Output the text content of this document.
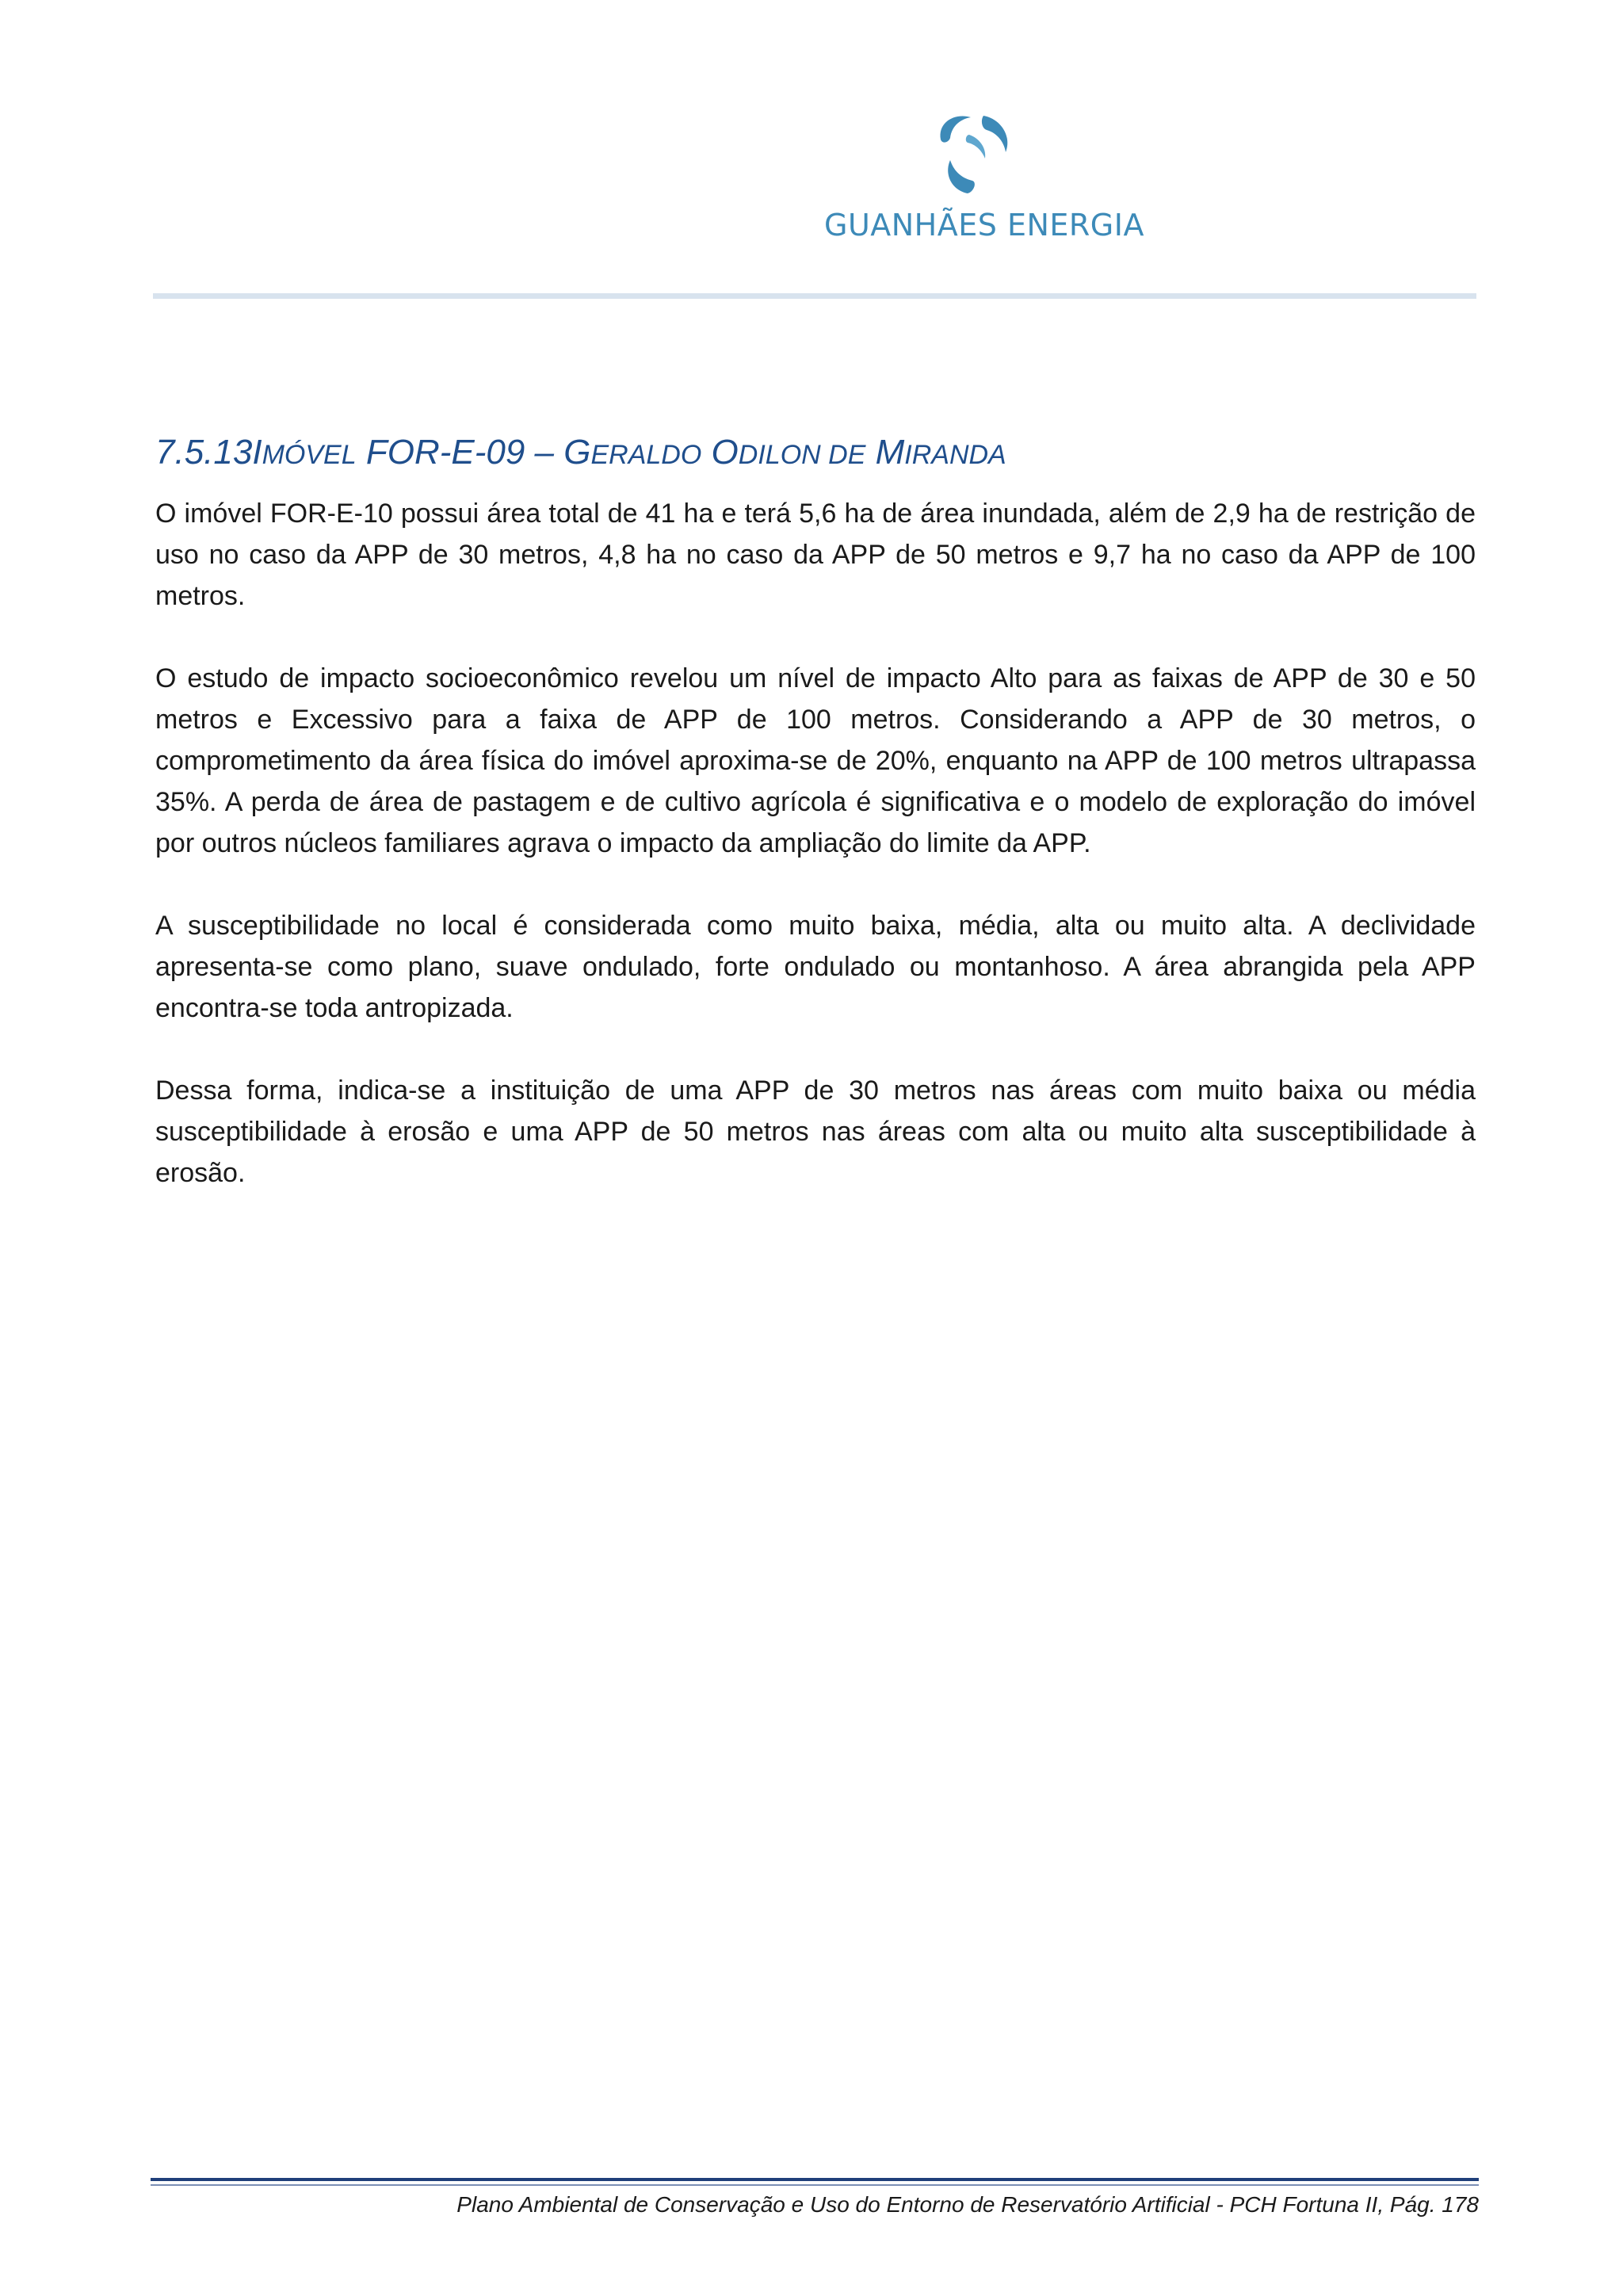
GUANHÃES ENERGIA
7.5.13IMÓVEL FOR-E-09 – GERALDO ODILON DE MIRANDA

O imóvel FOR-E-10 possui área total de 41 ha e terá 5,6 ha de área inundada, além de 2,9 ha de restrição de uso no caso da APP de 30 metros, 4,8 ha no caso da APP de 50 metros e 9,7 ha no caso da APP de 100 metros.

O estudo de impacto socioeconômico revelou um nível de impacto Alto para as faixas de APP de 30 e 50 metros e Excessivo para a faixa de APP de 100 metros. Considerando a APP de 30 metros, o comprometimento da área física do imóvel aproxima-se de 20%, enquanto na APP de 100 metros ultrapassa 35%. A perda de área de pastagem e de cultivo agrícola é significativa e o modelo de exploração do imóvel por outros núcleos familiares agrava o impacto da ampliação do limite da APP.

A susceptibilidade no local é considerada como muito baixa, média, alta ou muito alta. A declividade apresenta-se como plano, suave ondulado, forte ondulado ou montanhoso. A área abrangida pela APP encontra-se toda antropizada.

Dessa forma, indica-se a instituição de uma APP de 30 metros nas áreas com muito baixa ou média susceptibilidade à erosão e uma APP de 50 metros nas áreas com alta ou muito alta susceptibilidade à erosão.

Plano Ambiental de Conservação e Uso do Entorno de Reservatório Artificial - PCH Fortuna II, Pág. 178
